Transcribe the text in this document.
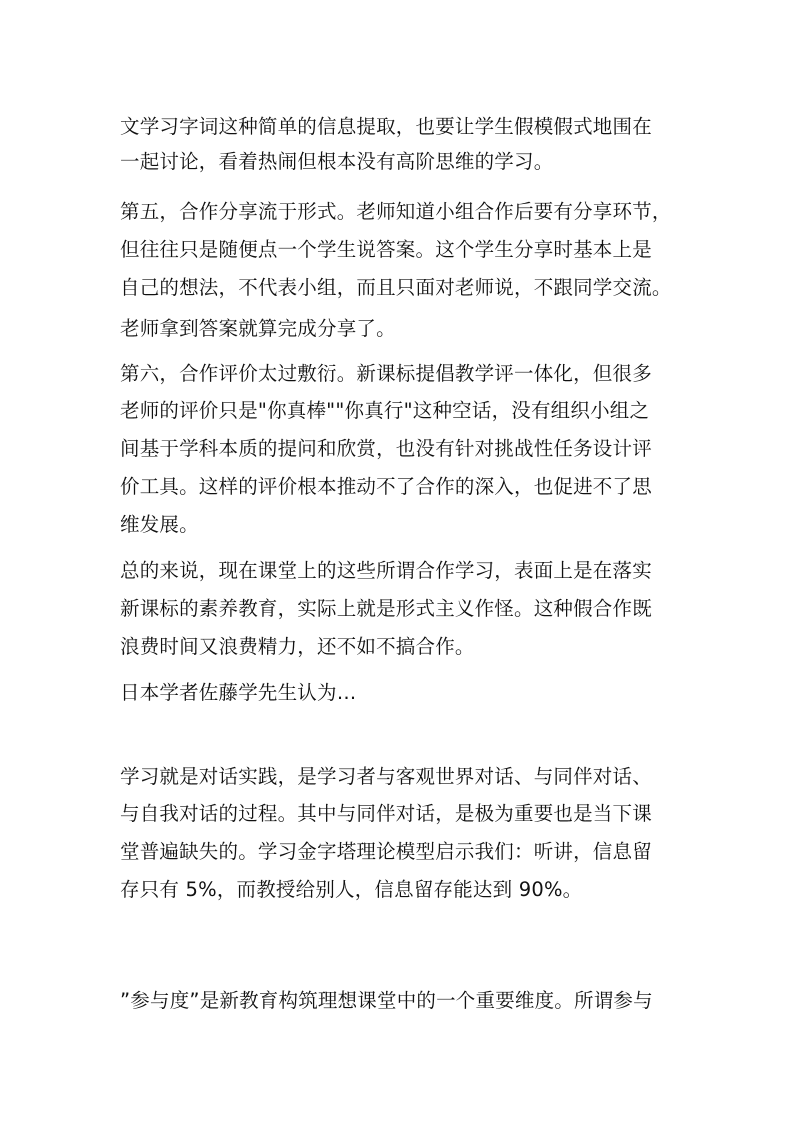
文学习字词这种简单的信息提取，也要让学生假模假式地围在
一起讨论，看着热闹但根本没有高阶思维的学习。
第五，合作分享流于形式。老师知道小组合作后要有分享环节，
但往往只是随便点一个学生说答案。这个学生分享时基本上是
自己的想法，不代表小组，而且只面对老师说，不跟同学交流。
老师拿到答案就算完成分享了。
第六，合作评价太过敷衍。新课标提倡教学评一体化，但很多
老师的评价只是"你真棒""你真行"这种空话，没有组织小组之
间基于学科本质的提问和欣赏，也没有针对挑战性任务设计评
价工具。这样的评价根本推动不了合作的深入，也促进不了思
维发展。
总的来说，现在课堂上的这些所谓合作学习，表面上是在落实
新课标的素养教育，实际上就是形式主义作怪。这种假合作既
浪费时间又浪费精力，还不如不搞合作。
日本学者佐藤学先生认为…
学习就是对话实践，是学习者与客观世界对话、与同伴对话、
与自我对话的过程。其中与同伴对话，是极为重要也是当下课
堂普遍缺失的。学习金字塔理论模型启示我们：听讲，信息留
存只有 5%，而教授给别人，信息留存能达到 90%。
”参与度”是新教育构筑理想课堂中的一个重要维度。所谓参与
